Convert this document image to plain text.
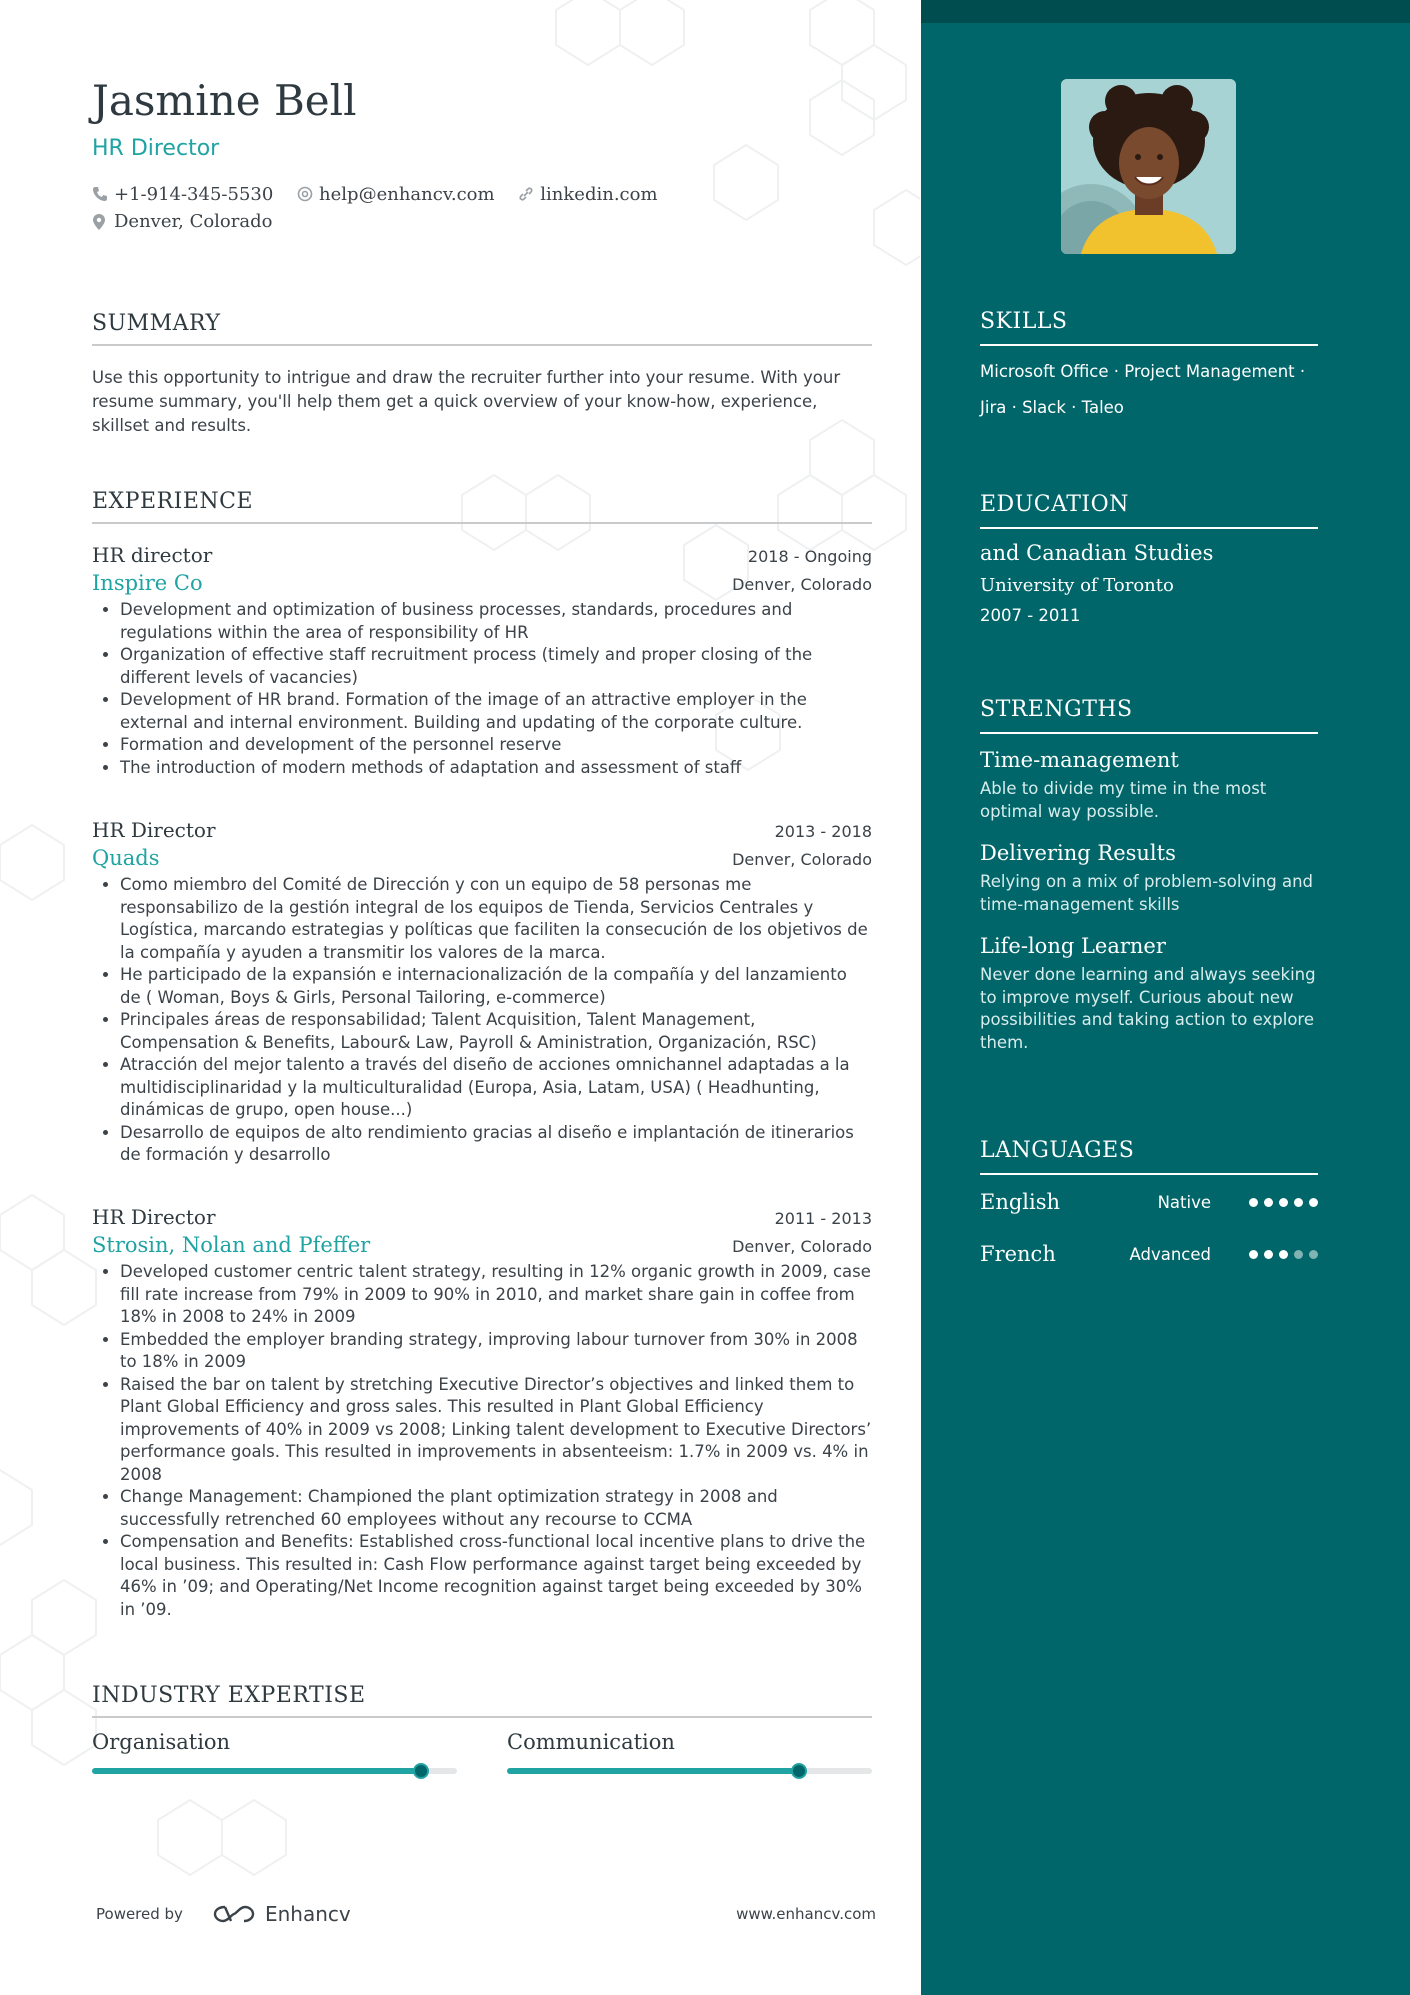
Jasmine Bell
HR Director
+1-914-345-5530
	help@enhancv.com
	linkedin.com
Denver, Colorado
SUMMARY
Use this opportunity to intrigue and draw the recruiter further into your resume. With your resume summary, you'll help them get a quick overview of your know-how, experience, skillset and results.
EXPERIENCE
HR director	2018 - Ongoing
Inspire Co	Denver, Colorado
• Development and optimization of business processes, standards, procedures and regulations within the area of responsibility of HR
• Organization of effective staff recruitment process (timely and proper closing of the different levels of vacancies)
• Development of HR brand. Formation of the image of an attractive employer in the external and internal environment. Building and updating of the corporate culture.
• Formation and development of the personnel reserve
• The introduction of modern methods of adaptation and assessment of staff
HR Director	2013 - 2018
Quads	Denver, Colorado
• Como miembro del Comité de Dirección y con un equipo de 58 personas me responsabilizo de la gestión integral de los equipos de Tienda, Servicios Centrales y Logística, marcando estrategias y políticas que faciliten la consecución de los objetivos de la compañía y ayuden a transmitir los valores de la marca.
• He participado de la expansión e internacionalización de la compañía y del lanzamiento de ( Woman, Boys & Girls, Personal Tailoring, e-commerce)
• Principales áreas de responsabilidad; Talent Acquisition, Talent Management, Compensation & Benefits, Labour& Law, Payroll & Aministration, Organización, RSC)
• Atracción del mejor talento a través del diseño de acciones omnichannel adaptadas a la multidisciplinaridad y la multiculturalidad (Europa, Asia, Latam, USA) ( Headhunting, dinámicas de grupo, open house...)
• Desarrollo de equipos de alto rendimiento gracias al diseño e implantación de itinerarios de formación y desarrollo
HR Director	2011 - 2013
Strosin, Nolan and Pfeffer	Denver, Colorado
• Developed customer centric talent strategy, resulting in 12% organic growth in 2009, case fill rate increase from 79% in 2009 to 90% in 2010, and market share gain in coffee from 18% in 2008 to 24% in 2009
• Embedded the employer branding strategy, improving labour turnover from 30% in 2008 to 18% in 2009
• Raised the bar on talent by stretching Executive Director’s objectives and linked them to Plant Global Efficiency and gross sales. This resulted in Plant Global Efficiency improvements of 40% in 2009 vs 2008; Linking talent development to Executive Directors’ performance goals. This resulted in improvements in absenteeism: 1.7% in 2009 vs. 4% in 2008
• Change Management: Championed the plant optimization strategy in 2008 and successfully retrenched 60 employees without any recourse to CCMA
• Compensation and Benefits: Established cross-functional local incentive plans to drive the local business. This resulted in: Cash Flow performance against target being exceeded by 46% in ’09; and Operating/Net Income recognition against target being exceeded by 30% in ’09.
INDUSTRY EXPERTISE
Organisation	Communication
Powered by	Enhancv	www.enhancv.com
SKILLS
Microsoft Office · Project Management ·
Jira · Slack · Taleo
EDUCATION
and Canadian Studies
University of Toronto
2007 - 2011
STRENGTHS
Time-management
Able to divide my time in the most optimal way possible.
Delivering Results
Relying on a mix of problem-solving and time-management skills
Life-long Learner
Never done learning and always seeking to improve myself. Curious about new possibilities and taking action to explore them.
LANGUAGES
English	Native
French	Advanced
